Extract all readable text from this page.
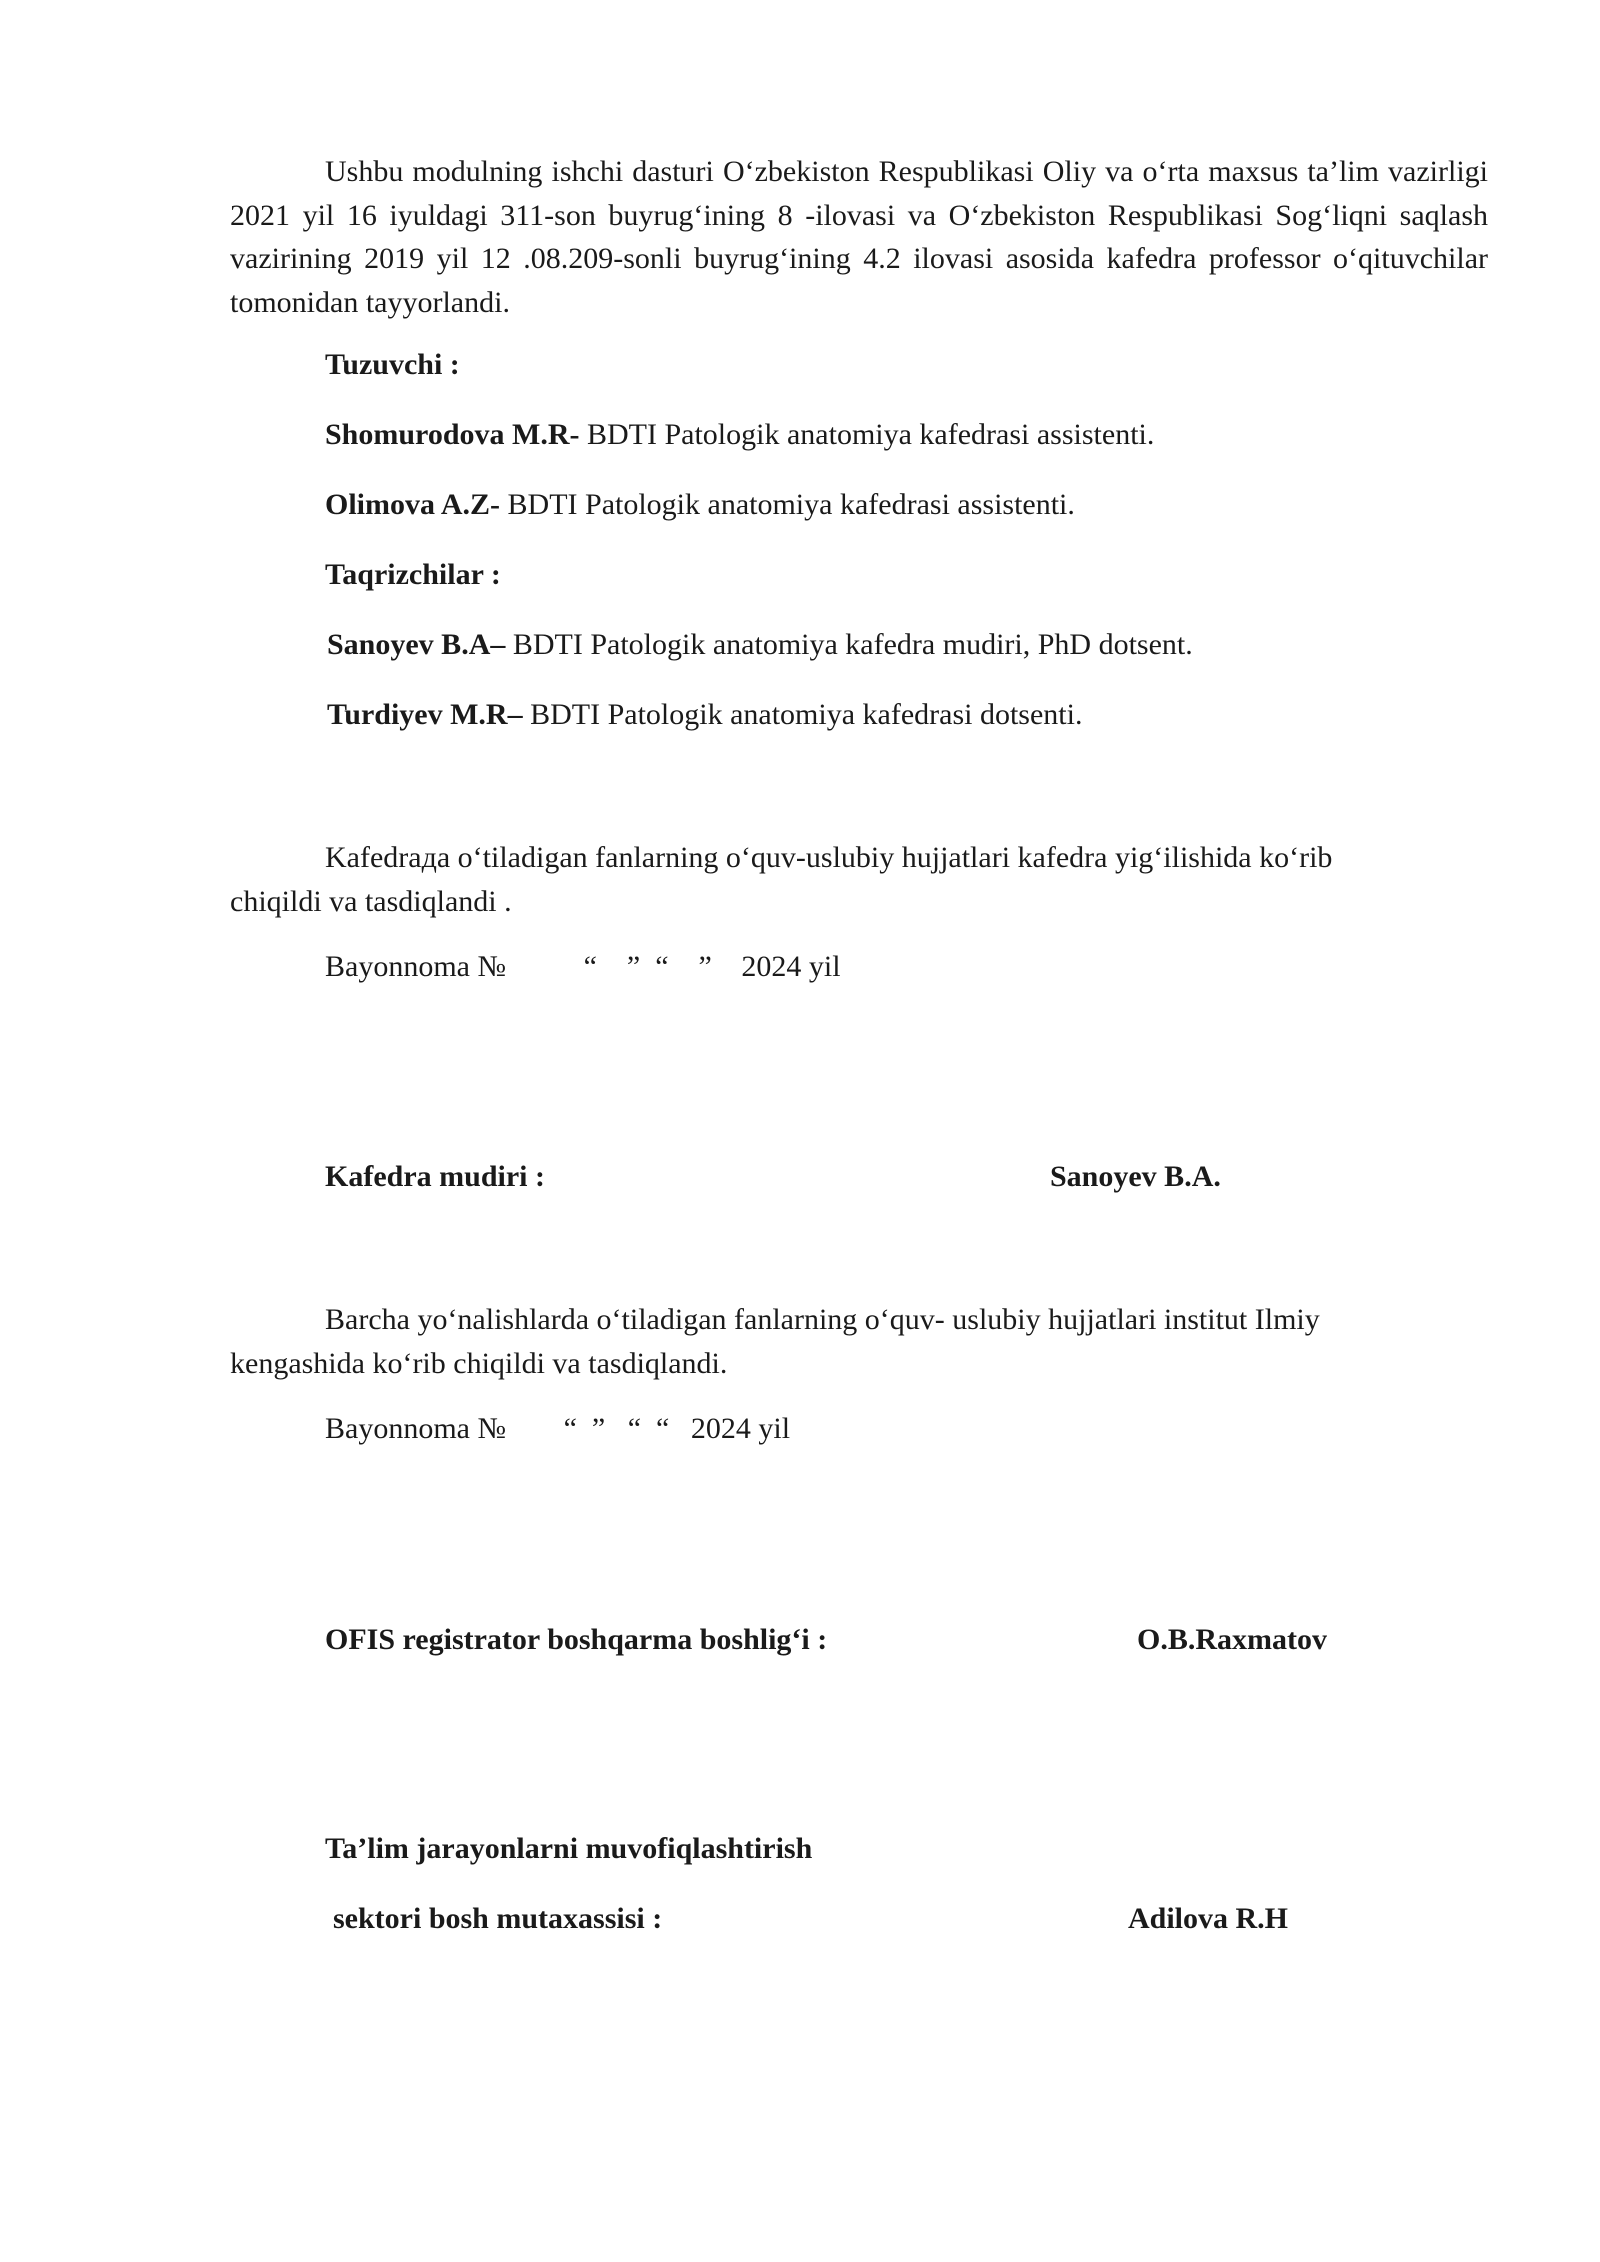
Ushbu modulning ishchi dasturi O‘zbekiston Respublikasi Oliy va o‘rta maxsus ta’lim vazirligi 2021 yil 16 iyuldagi 311-son buyrug‘ining 8 -ilovasi va O‘zbekiston Respublikasi Sog‘liqni saqlash vazirining 2019 yil 12 .08.209-sonli buyrug‘ining 4.2 ilovasi asosida kafedra professor o‘qituvchilar tomonidan tayyorlandi.
Tuzuvchi :
Shomurodova M.R- BDTI Patologik anatomiya kafedrasi assistenti.
Olimova A.Z- BDTI Patologik anatomiya kafedrasi assistenti.
Taqrizchilar :
Sanoyev B.A– BDTI Patologik anatomiya kafedra mudiri, PhD dotsent.
Turdiyev M.R– BDTI Patologik anatomiya kafedrasi dotsenti.
Kafedraда o‘tiladigan fanlarning o‘quv-uslubiy hujjatlari kafedra yig‘ilishida ko‘rib chiqildi va tasdiqlandi .
Bayonnoma №	“    ”  “    ” 2024 yil
Kafedra mudiri :	Sanoyev B.A.
Barcha yo‘nalishlarda o‘tiladigan fanlarning o‘quv- uslubiy hujjatlari institut Ilmiy kengashida ko‘rib chiqildi va tasdiqlandi.
Bayonnoma № “  ”   “  “ 2024 yil
OFIS registrator boshqarma boshlig‘i :	O.B.Raxmatov
Ta’lim jarayonlarni muvofiqlashtirish
sektori bosh mutaxassisi :	Adilova R.H
